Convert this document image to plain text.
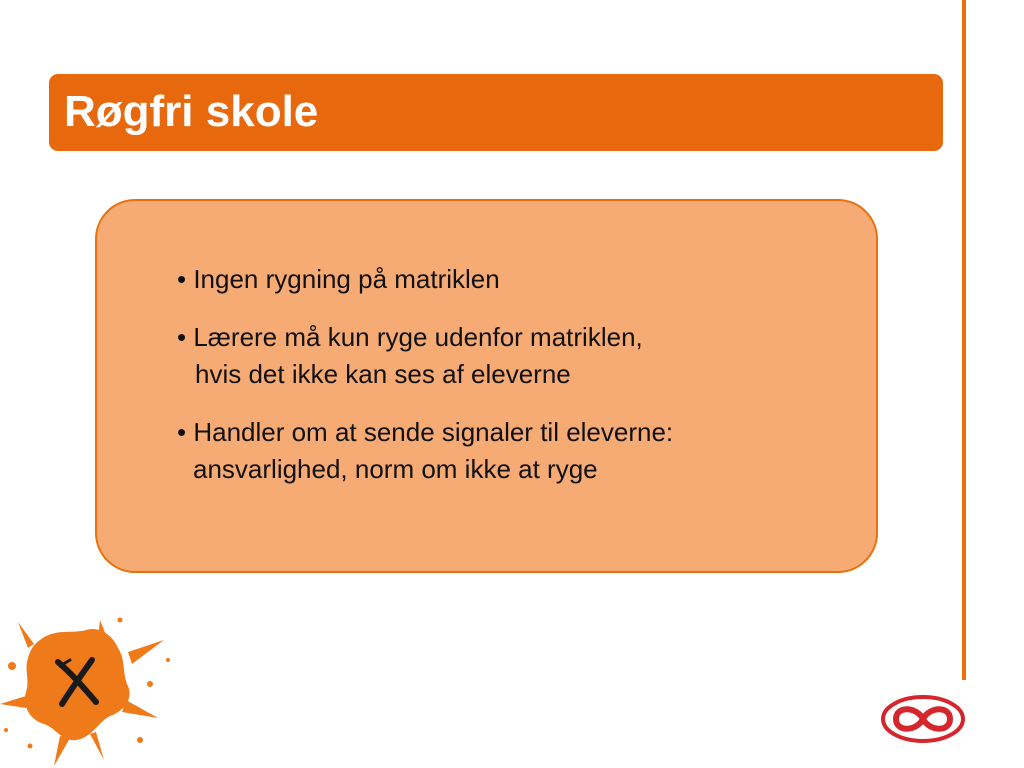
Røgfri skole
• Ingen rygning på matriklen
• Lærere må kun ryge udenfor matriklen,
hvis det ikke kan ses af eleverne
• Handler om at sende signaler til eleverne:
ansvarlighed, norm om ikke at ryge
